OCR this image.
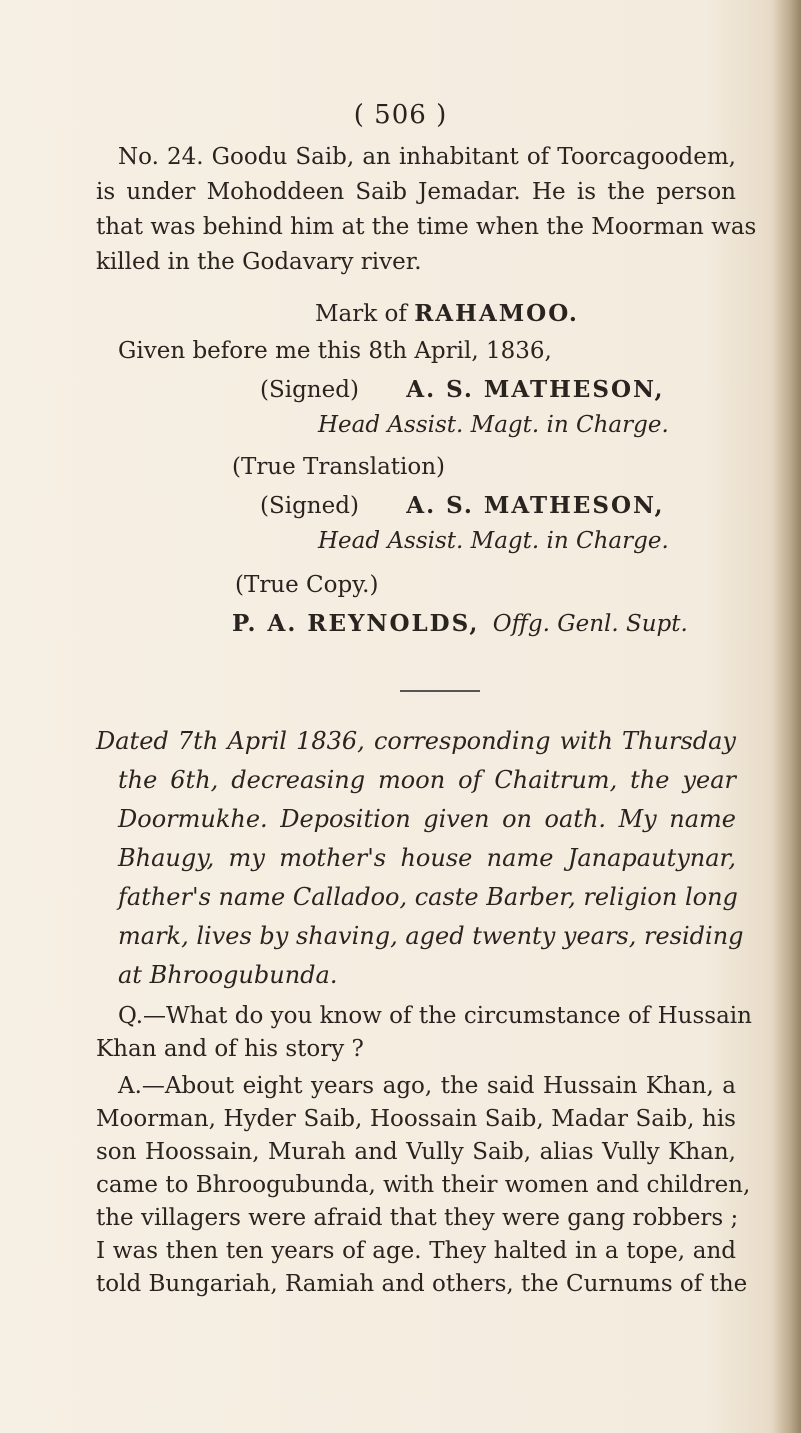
( 506 )
No. 24. Goodu Saib, an inhabitant of Toorcagoodem,
is under Mohoddeen Saib Jemadar. He is the person
that was behind him at the time when the Moorman was
killed in the Godavary river.
Mark of RAHAMOO.
Given before me this 8th April, 1836,
(Signed) A. S. MATHESON,
Head Assist. Magt. in Charge.
(True Translation)
(Signed) A. S. MATHESON,
Head Assist. Magt. in Charge.
(True Copy.)
P. A. REYNOLDS, Offg. Genl. Supt.
Dated 7th April 1836, corresponding with Thursday
the 6th, decreasing moon of Chaitrum, the year
Doormukhe. Deposition given on oath. My name
Bhaugy, my mother's house name Janapautynar,
father's name Calladoo, caste Barber, religion long
mark, lives by shaving, aged twenty years, residing
at Bhroogubunda.
Q.—What do you know of the circumstance of Hussain
Khan and of his story ?
A.—About eight years ago, the said Hussain Khan, a
Moorman, Hyder Saib, Hoossain Saib, Madar Saib, his
son Hoossain, Murah and Vully Saib, alias Vully Khan,
came to Bhroogubunda, with their women and children,
the villagers were afraid that they were gang robbers ;
I was then ten years of age. They halted in a tope, and
told Bungariah, Ramiah and others, the Curnums of the
